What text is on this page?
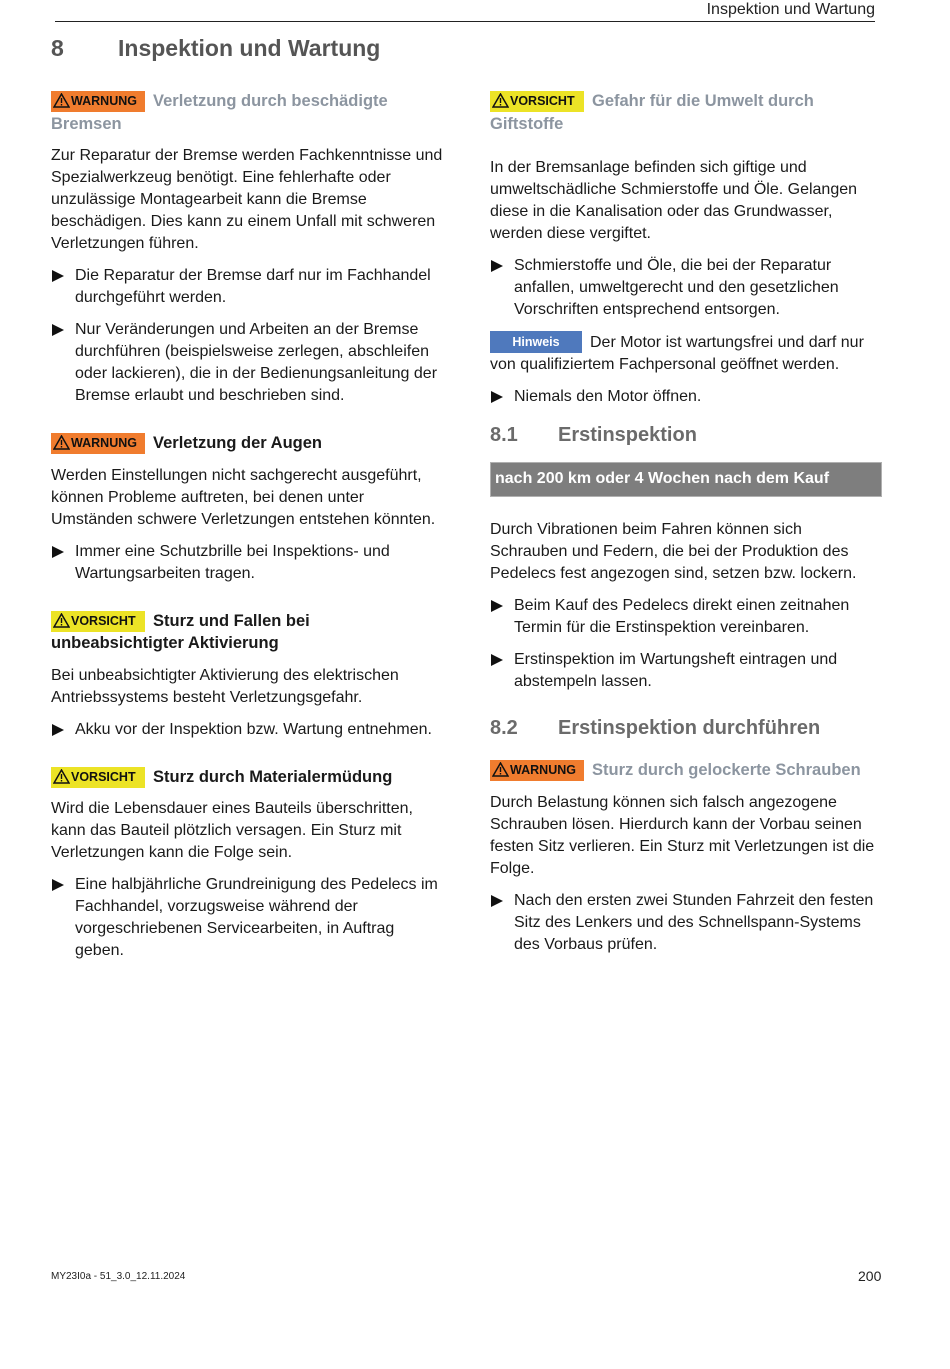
Inspektion und Wartung
8 Inspektion und Wartung
WARNUNG Verletzung durch beschädigte Bremsen

Zur Reparatur der Bremse werden Fachkenntnisse und Spezialwerkzeug benötigt. Eine fehlerhafte oder unzulässige Montagearbeit kann die Bremse beschädigen. Dies kann zu einem Unfall mit schweren Verletzungen führen.

Die Reparatur der Bremse darf nur im Fachhandel durchgeführt werden.
Nur Veränderungen und Arbeiten an der Bremse durchführen (beispielsweise zerlegen, abschleifen oder lackieren), die in der Bedienungsanleitung der Bremse erlaubt und beschrieben sind.
WARNUNG Verletzung der Augen

Werden Einstellungen nicht sachgerecht ausgeführt, können Probleme auftreten, bei denen unter Umständen schwere Verletzungen entstehen könnten.

Immer eine Schutzbrille bei Inspektions- und Wartungsarbeiten tragen.
VORSICHT Sturz und Fallen bei unbeabsichtigter Aktivierung

Bei unbeabsichtigter Aktivierung des elektrischen Antriebssystems besteht Verletzungsgefahr.

Akku vor der Inspektion bzw. Wartung entnehmen.
VORSICHT Sturz durch Materialermüdung

Wird die Lebensdauer eines Bauteils überschritten, kann das Bauteil plötzlich versagen. Ein Sturz mit Verletzungen kann die Folge sein.

Eine halbjährliche Grundreinigung des Pedelecs im Fachhandel, vorzugsweise während der vorgeschriebenen Servicearbeiten, in Auftrag geben.
VORSICHT Gefahr für die Umwelt durch Giftstoffe

In der Bremsanlage befinden sich giftige und umweltschädliche Schmierstoffe und Öle. Gelangen diese in die Kanalisation oder das Grundwasser, werden diese vergiftet.

Schmierstoffe und Öle, die bei der Reparatur anfallen, umweltgerecht und den gesetzlichen Vorschriften entsprechend entsorgen.

Hinweis Der Motor ist wartungsfrei und darf nur von qualifiziertem Fachpersonal geöffnet werden.

Niemals den Motor öffnen.
8.1 Erstinspektion
nach 200 km oder 4 Wochen nach dem Kauf

Durch Vibrationen beim Fahren können sich Schrauben und Federn, die bei der Produktion des Pedelecs fest angezogen sind, setzen bzw. lockern.

Beim Kauf des Pedelecs direkt einen zeitnahen Termin für die Erstinspektion vereinbaren.
Erstinspektion im Wartungsheft eintragen und abstempeln lassen.
8.2 Erstinspektion durchführen
WARNUNG Sturz durch gelockerte Schrauben

Durch Belastung können sich falsch angezogene Schrauben lösen. Hierdurch kann der Vorbau seinen festen Sitz verlieren. Ein Sturz mit Verletzungen ist die Folge.

Nach den ersten zwei Stunden Fahrzeit den festen Sitz des Lenkers und des Schnellspann-Systems des Vorbaus prüfen.
MY23I0a - 51_3.0_12.11.2024	200
